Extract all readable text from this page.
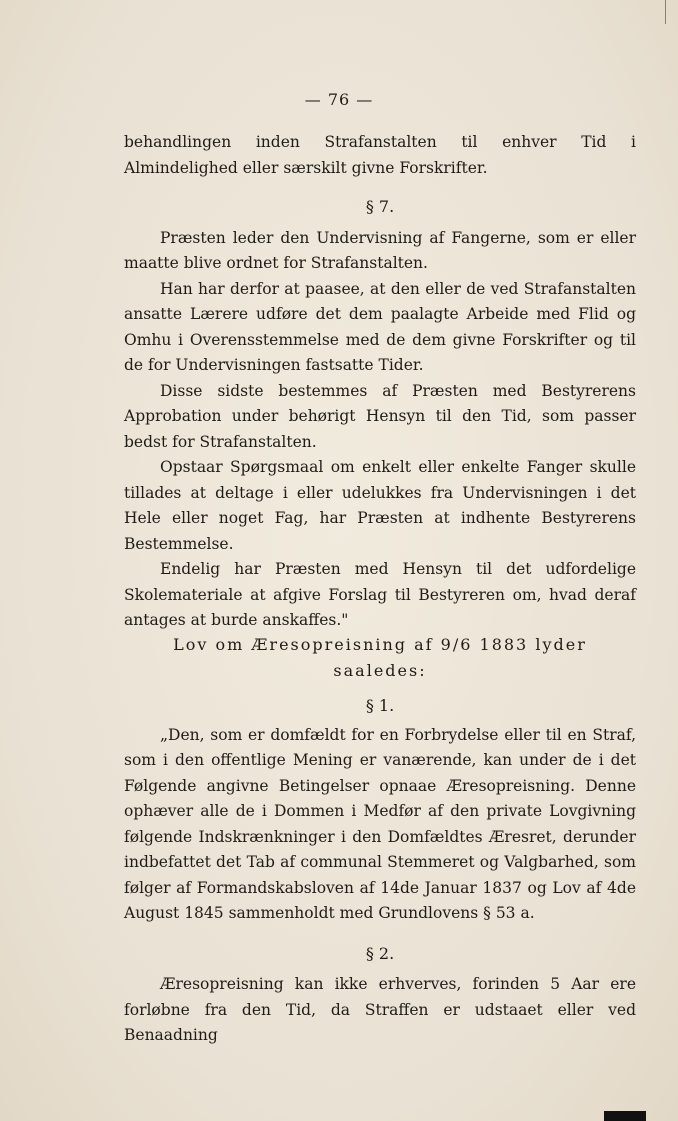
— 76 —

behandlingen inden Strafanstalten til enhver Tid i Almindelighed eller særskilt givne Forskrifter.

§ 7.

Præsten leder den Undervisning af Fangerne, som er eller maatte blive ordnet for Strafanstalten.

Han har derfor at paasee, at den eller de ved Strafanstalten ansatte Lærere udføre det dem paalagte Arbeide med Flid og Omhu i Overensstemmelse med de dem givne Forskrifter og til de for Undervisningen fastsatte Tider.

Disse sidste bestemmes af Præsten med Bestyrerens Approbation under behørigt Hensyn til den Tid, som passer bedst for Strafanstalten.

Opstaar Spørgsmaal om enkelt eller enkelte Fanger skulle tillades at deltage i eller udelukkes fra Undervisningen i det Hele eller noget Fag, har Præsten at indhente Bestyrerens Bestemmelse.

Endelig har Præsten med Hensyn til det udfordelige Skolemateriale at afgive Forslag til Bestyreren om, hvad deraf antages at burde anskaffes."

Lov om Æresopreisning af 9/6 1883 lyder saaledes:

§ 1.

„Den, som er domfældt for en Forbrydelse eller til en Straf, som i den offentlige Mening er vanærende, kan under de i det Følgende angivne Betingelser opnaae Æresopreisning. Denne ophæver alle de i Dommen i Medfør af den private Lovgivning følgende Indskrænkninger i den Domfældtes Æresret, derunder indbefattet det Tab af communal Stemmeret og Valgbarhed, som følger af Formandskabsloven af 14de Januar 1837 og Lov af 4de August 1845 sammenholdt med Grundlovens § 53 a.

§ 2.

Æresopreisning kan ikke erhverves, forinden 5 Aar ere forløbne fra den Tid, da Straffen er udstaaet eller ved Benaadning
